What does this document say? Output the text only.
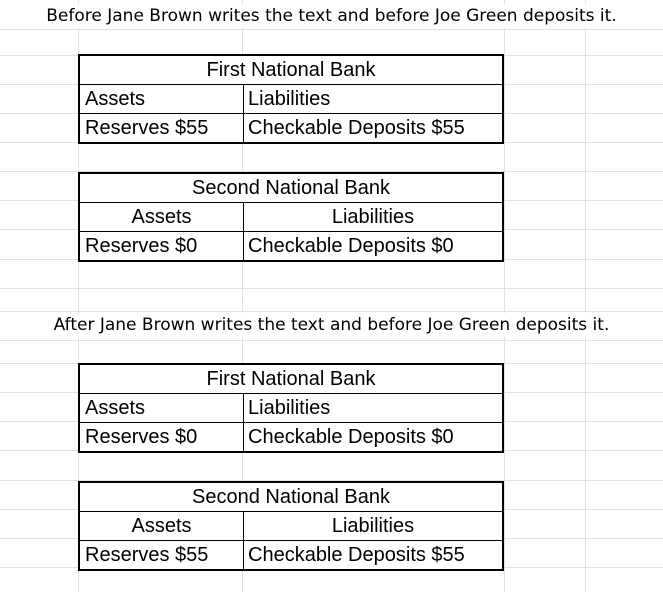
Before Jane Brown writes the text and before Joe Green deposits it.
First National Bank
Assets	Liabilities
Reserves $55	Checkable Deposits $55
Second National Bank
Assets	Liabilities
Reserves $0	Checkable Deposits $0
After Jane Brown writes the text and before Joe Green deposits it.
First National Bank
Assets	Liabilities
Reserves $0	Checkable Deposits $0
Second National Bank
Assets	Liabilities
Reserves $55	Checkable Deposits $55
